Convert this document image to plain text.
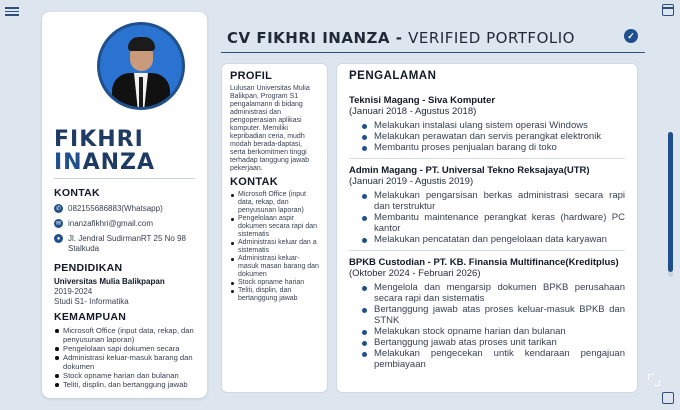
FIKHRI
INANZA
KONTAK
✆ 082155686883(Whatsapp)
✉ inanzafikhri@gmail.com
● Jl. Jendral SudirmanRT 25 No 98 Stalkuda
PENDIDIKAN
Universitas Mulia Balikpapan
2019-2024
Studi S1- Informatika
KEMAMPUAN
Microsoft Office (input data, rekap, dan penyusunan laporan)
Pengelolaan sapi dokumen secara
Administrasi keluar-masuk barang dan dokumen
Stock opname harian dan bulanan
Teliti, displin, dan bertanggung jawab
CV FIKHRI INANZA - VERIFIED PORTFOLIO	✓
PROFIL
Lulusan Universitas Mulia Balikpan, Program S1 pengalamann di bidang administrasi dan pengoperasian aplikasi komputer. Memiliki kepribadian ceria, mudh modah berada-daptasi, serta berkomitmen tinggi terhadap tanggung jawab pekerjaan.
KONTAK
Microsoft Office (input data, rekap, dan penyusunan laporan)
Pengelolaan aspir dokumen secara rapi dan sistematis
Administrasi keluar dan a sistematis
Administrasi keluar-masuk masan barang dan dokumen
Stock opname harian
Teliti, displin, dan bertanggung jawab
PENGALAMAN
Teknisi Magang - Siva Komputer
(Januari 2018 - Agustus 2018)
Melakukan instalasi ulang sistem operasi Windows
Melakukan perawatan dan servis perangkat elektronik
Membantu proses penjualan barang di toko
Admin Magang - PT. Universal Tekno Reksajaya(UTR)
(Januari 2019 - Agustis 2019)
Melakukan pengarsisan berkas administrasi secara rapi dan terstruktur
Membantu maintenance perangkat keras (hardware) PC kantor
Melakukan pencatatan dan pengelolaan data karyawan
BPKB Custodian - PT. KB. Finansia Multifinance(Kreditplus)
(Oktober 2024 - Februari 2026)
Mengelola dan mengarsip dokumen BPKB perusahaan secara rapi dan sistematis
Bertanggung jawab atas proses keluar-masuk BPKB dan STNK
Melakukan stock opname harian dan bulanan
Bertanggung jawab atas proses unit tarikan
Melakukan pengecekan untik kendaraan pengajuan pembiayaan
